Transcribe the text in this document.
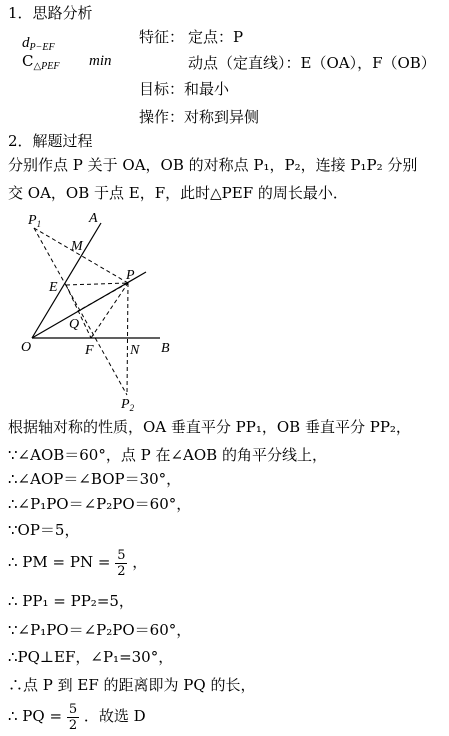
1．思路分析
$d_{P-EF}$
$C_{\triangle PEF}$ min
特征： 定点：P
动点（定直线）：E（OA），F（OB）
目标：和最小
操作：对称到异侧
2．解题过程
分别作点 P 关于 OA，OB 的对称点 P₁，P₂，连接 P₁P₂ 分别
交 OA，OB 于点 E，F，此时△PEF 的周长最小．
$P_1$	A
M
E
P
Q
O	F	N B
$P_2$
根据轴对称的性质，OA 垂直平分 PP₁，OB 垂直平分 PP₂，
∵∠AOB＝60°，点 P 在∠AOB 的角平分线上，
∴∠AOP＝∠BOP＝30°，
∴∠P₁PO＝∠P₂PO＝60°，
∵OP＝5，
∴ PM = PN = $\frac{5}{2}$ ，
∴ PP₁ = PP₂=5，
∵∠P₁PO＝∠P₂PO＝60°，
∴PQ⊥EF，∠P₁=30°，
∴点 P 到 EF 的距离即为 PQ 的长，
∴ PQ = $\frac{5}{2}$ ．故选 D
